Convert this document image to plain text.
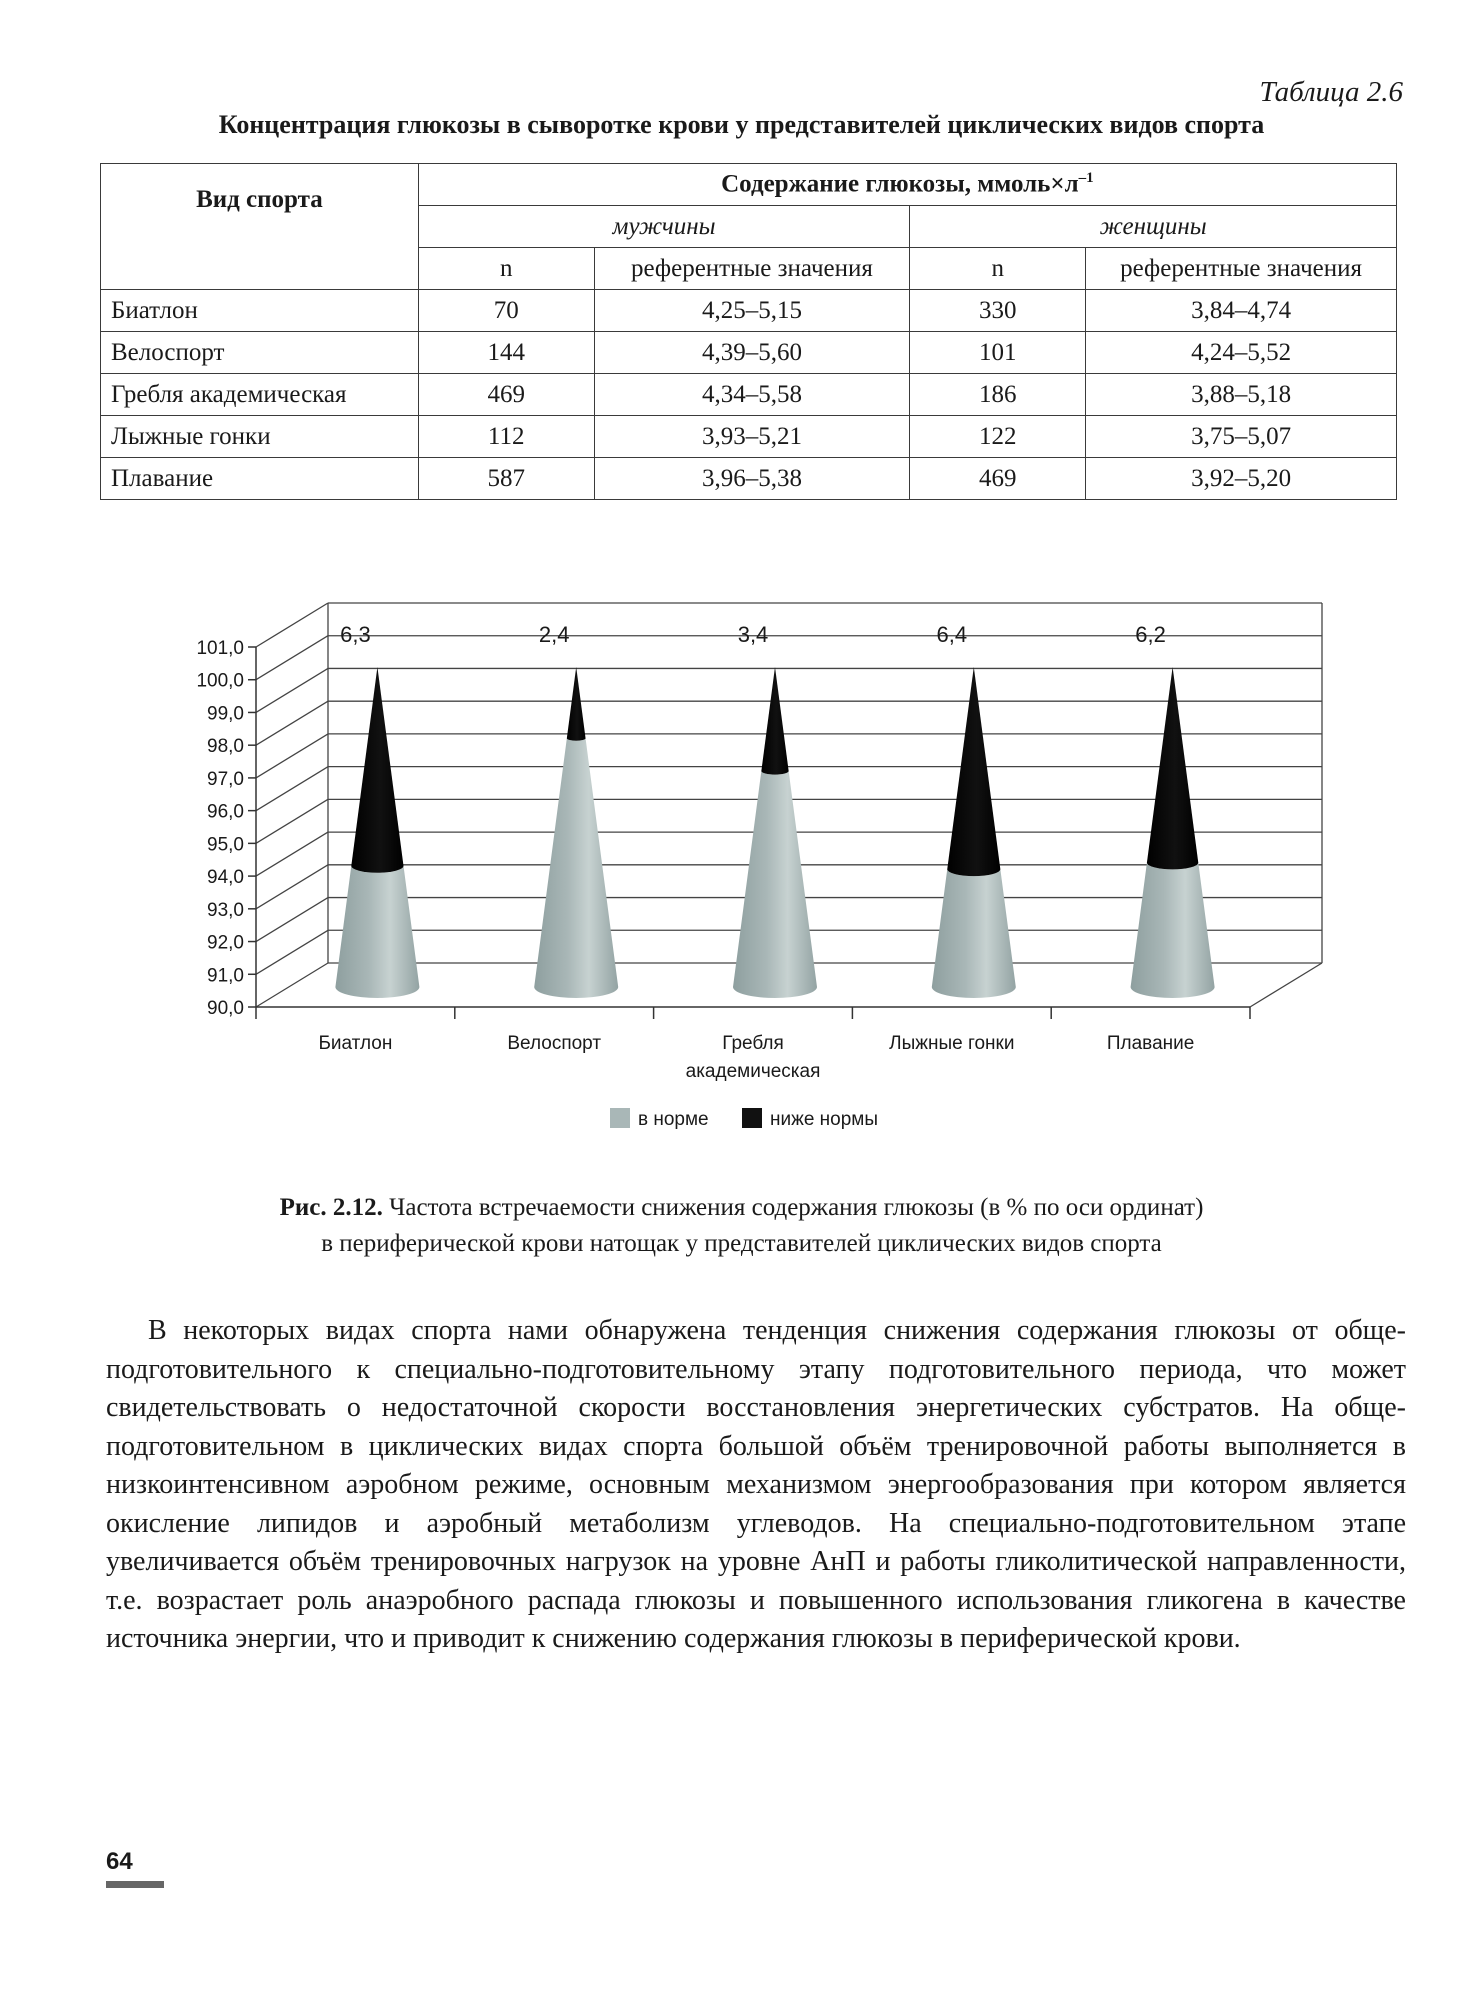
Таблица 2.6
Концентрация глюкозы в сыворотке крови у представителей циклических видов спорта
Вид спорта	Содержание глюкозы, $ммоль\times л^{-1}$
	мужчины		женщины	
	n	референтные значения	n	референтные значения
Биатлон	70	4,25–5,15	330	3,84–4,74
Велоспорт	144	4,39–5,60	101	4,24–5,52
Гребля академическая	469	4,34–5,58	186	3,88–5,18
Лыжные гонки	112	3,93–5,21	122	3,75–5,07
Плавание	587	3,96–5,38	469	3,92–5,20
90,0
91,0
92,0
93,0
94,0
95,0
96,0
97,0
98,0
99,0
100,0
101,0
6,3
Биатлон
2,4
Велоспорт
3,4
Гребля
академическая
6,4
Лыжные гонки
6,2
Плавание
в норме	ниже нормы
Рис. 2.12. Частота встречаемости снижения содержания глюкозы (в % по оси ординат)
в периферической крови натощак у представителей циклических видов спорта

В некоторых видах спорта нами обнаружена тенденция снижения содержания глюкозы от обще-подготовительного к специально-подготовительному этапу подготовительного периода, что может свидетельствовать о недостаточной скорости восстановления энергетических субстратов. На обще-подготовительном в циклических видах спорта большой объём тренировочной работы выполняется в низкоинтенсивном аэробном режиме, основным механизмом энергообразования при котором является окисление липидов и аэробный метаболизм углеводов. На специально-подготовительном этапе увеличивается объём тренировочных нагрузок на уровне АнП и работы гликолитической направленности, т.е. возрастает роль анаэробного распада глюкозы и повышенного использования гликогена в качестве источника энергии, что и приводит к снижению содержания глюкозы в периферической крови.

64
